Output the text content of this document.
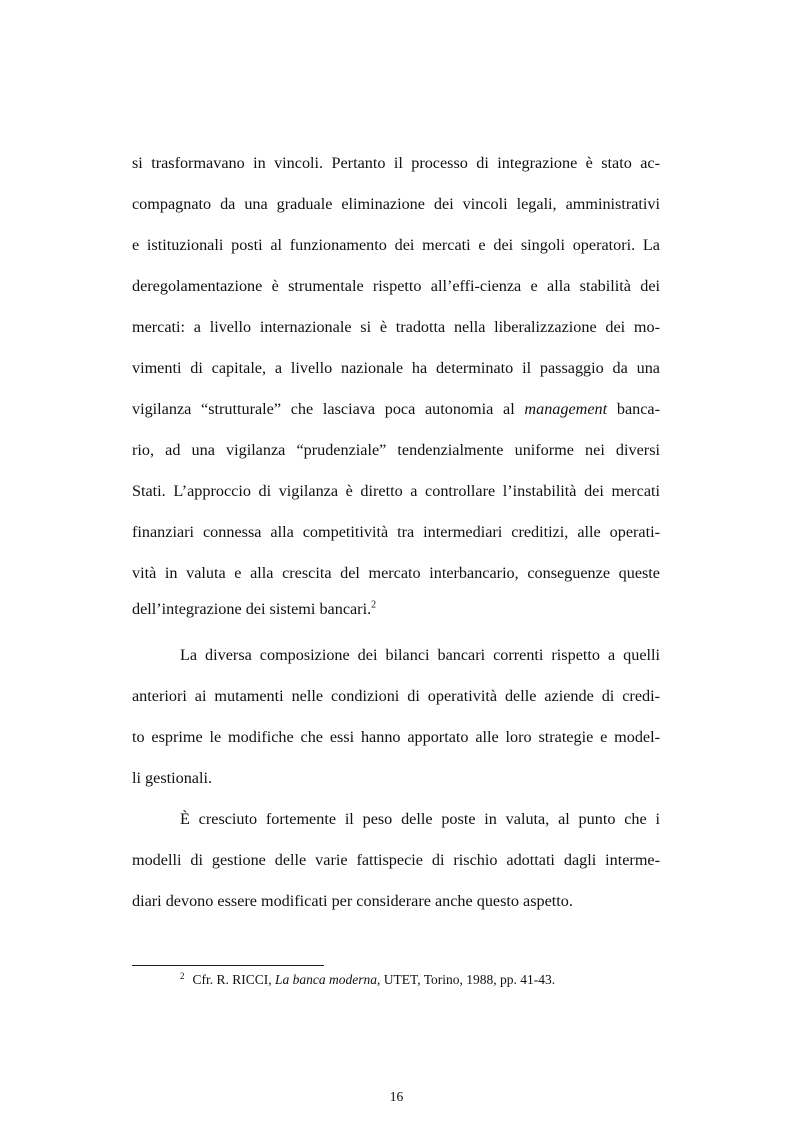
si trasformavano in vincoli. Pertanto il processo di integrazione è stato ac-
compagnato da una graduale eliminazione dei vincoli legali, amministrativi
e istituzionali posti al funzionamento dei mercati e dei singoli operatori. La
deregolamentazione è strumentale rispetto all’effi-cienza e alla stabilità dei
mercati: a livello internazionale si è tradotta nella liberalizzazione dei mo-
vimenti di capitale, a livello nazionale ha determinato il passaggio da una
vigilanza “strutturale” che lasciava poca autonomia al management banca-
rio, ad una vigilanza “prudenziale” tendenzialmente uniforme nei diversi
Stati. L’approccio di vigilanza è diretto a controllare l’instabilità dei mercati
finanziari connessa alla competitività tra intermediari creditizi, alle operati-
vità in valuta e alla crescita del mercato interbancario, conseguenze queste
dell’integrazione dei sistemi bancari.$^2$
La diversa composizione dei bilanci bancari correnti rispetto a quelli
anteriori ai mutamenti nelle condizioni di operatività delle aziende di credi-
to esprime le modifiche che essi hanno apportato alle loro strategie e model-
li gestionali.
È cresciuto fortemente il peso delle poste in valuta, al punto che i
modelli di gestione delle varie fattispecie di rischio adottati dagli interme-
diari devono essere modificati per considerare anche questo aspetto.
$^2$ Cfr. R. RICCI, La banca moderna, UTET, Torino, 1988, pp. 41-43.
16
